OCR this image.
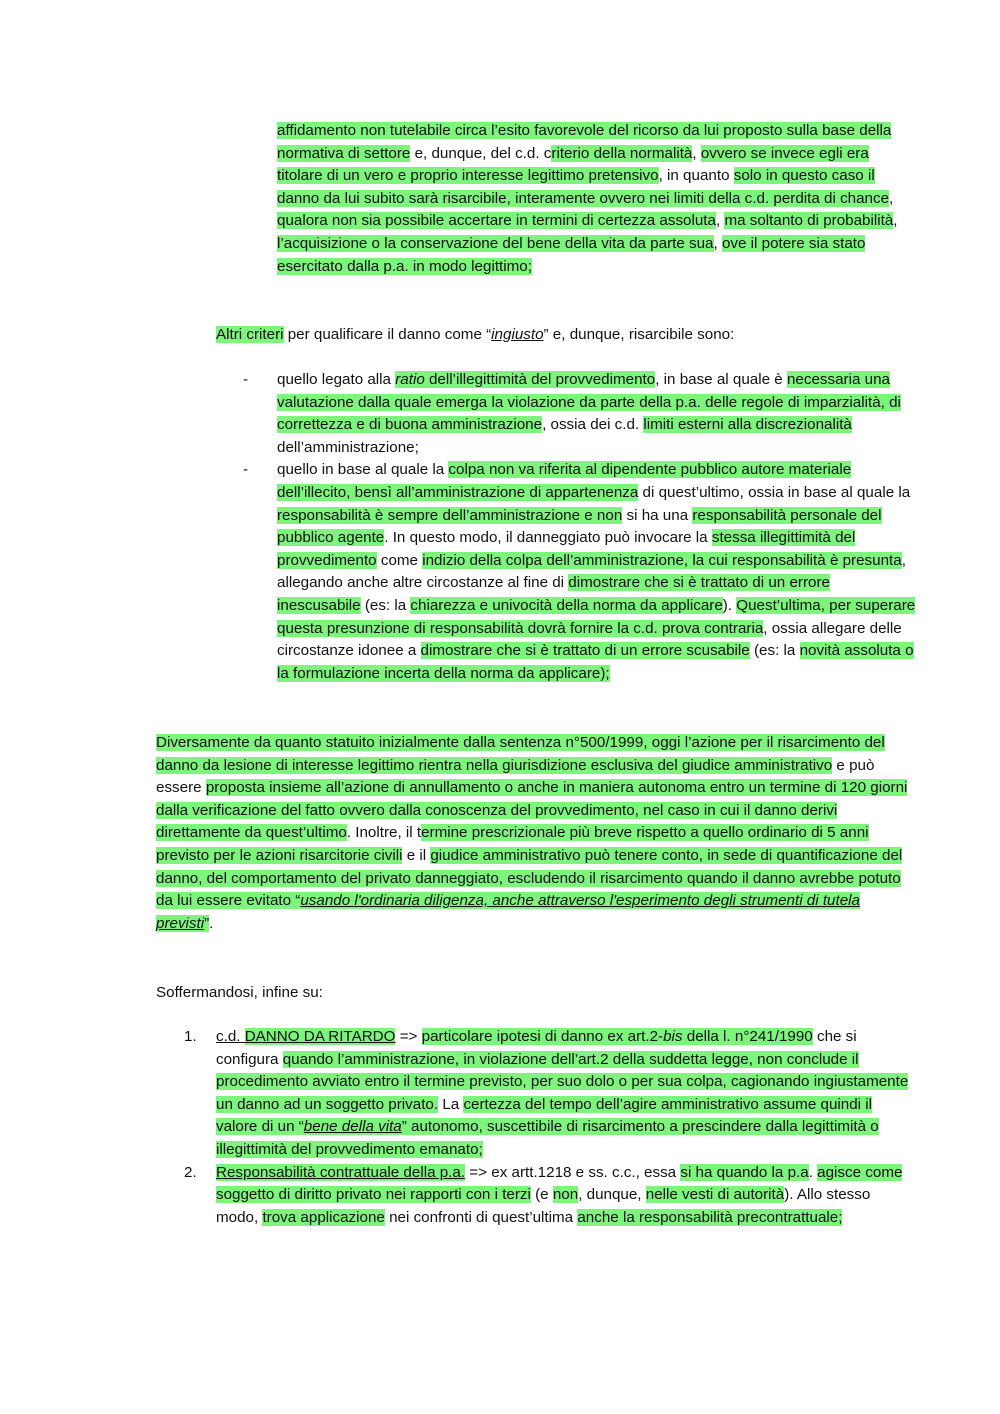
affidamento non tutelabile circa l’esito favorevole del ricorso da lui proposto sulla base della normativa di settore e, dunque, del c.d. criterio della normalità, ovvero se invece egli era titolare di un vero e proprio interesse legittimo pretensivo, in quanto solo in questo caso il danno da lui subito sarà risarcibile, interamente ovvero nei limiti della c.d. perdita di chance, qualora non sia possibile accertare in termini di certezza assoluta, ma soltanto di probabilità, l’acquisizione o la conservazione del bene della vita da parte sua, ove il potere sia stato esercitato dalla p.a. in modo legittimo;
Altri criteri per qualificare il danno come “ingiusto” e, dunque, risarcibile sono:
- quello legato alla ratio dell’illegittimità del provvedimento, in base al quale è necessaria una valutazione dalla quale emerga la violazione da parte della p.a. delle regole di imparzialità, di correttezza e di buona amministrazione, ossia dei c.d. limiti esterni alla discrezionalità dell’amministrazione;
- quello in base al quale la colpa non va riferita al dipendente pubblico autore materiale dell’illecito, bensì all’amministrazione di appartenenza di quest’ultimo, ossia in base al quale la responsabilità è sempre dell’amministrazione e non si ha una responsabilità personale del pubblico agente. In questo modo, il danneggiato può invocare la stessa illegittimità del provvedimento come indizio della colpa dell’amministrazione, la cui responsabilità è presunta, allegando anche altre circostanze al fine di dimostrare che si è trattato di un errore inescusabile (es: la chiarezza e univocità della norma da applicare). Quest’ultima, per superare questa presunzione di responsabilità dovrà fornire la c.d. prova contraria, ossia allegare delle circostanze idonee a dimostrare che si è trattato di un errore scusabile (es: la novità assoluta o la formulazione incerta della norma da applicare);
Diversamente da quanto statuito inizialmente dalla sentenza n°500/1999, oggi l’azione per il risarcimento del danno da lesione di interesse legittimo rientra nella giurisdizione esclusiva del giudice amministrativo e può essere proposta insieme all’azione di annullamento o anche in maniera autonoma entro un termine di 120 giorni dalla verificazione del fatto ovvero dalla conoscenza del provvedimento, nel caso in cui il danno derivi direttamente da quest’ultimo. Inoltre, il termine prescrizionale più breve rispetto a quello ordinario di 5 anni previsto per le azioni risarcitorie civili e il giudice amministrativo può tenere conto, in sede di quantificazione del danno, del comportamento del privato danneggiato, escludendo il risarcimento quando il danno avrebbe potuto da lui essere evitato “usando l'ordinaria diligenza, anche attraverso l'esperimento degli strumenti di tutela previsti”.
Soffermandosi, infine su:
1. c.d. DANNO DA RITARDO => particolare ipotesi di danno ex art.2-bis della l. n°241/1990 che si configura quando l’amministrazione, in violazione dell’art.2 della suddetta legge, non conclude il procedimento avviato entro il termine previsto, per suo dolo o per sua colpa, cagionando ingiustamente un danno ad un soggetto privato. La certezza del tempo dell’agire amministrativo assume quindi il valore di un “bene della vita” autonomo, suscettibile di risarcimento a prescindere dalla legittimità o illegittimità del provvedimento emanato;
2. Responsabilità contrattuale della p.a. => ex artt.1218 e ss. c.c., essa si ha quando la p.a. agisce come soggetto di diritto privato nei rapporti con i terzi (e non, dunque, nelle vesti di autorità). Allo stesso modo, trova applicazione nei confronti di quest’ultima anche la responsabilità precontrattuale;
